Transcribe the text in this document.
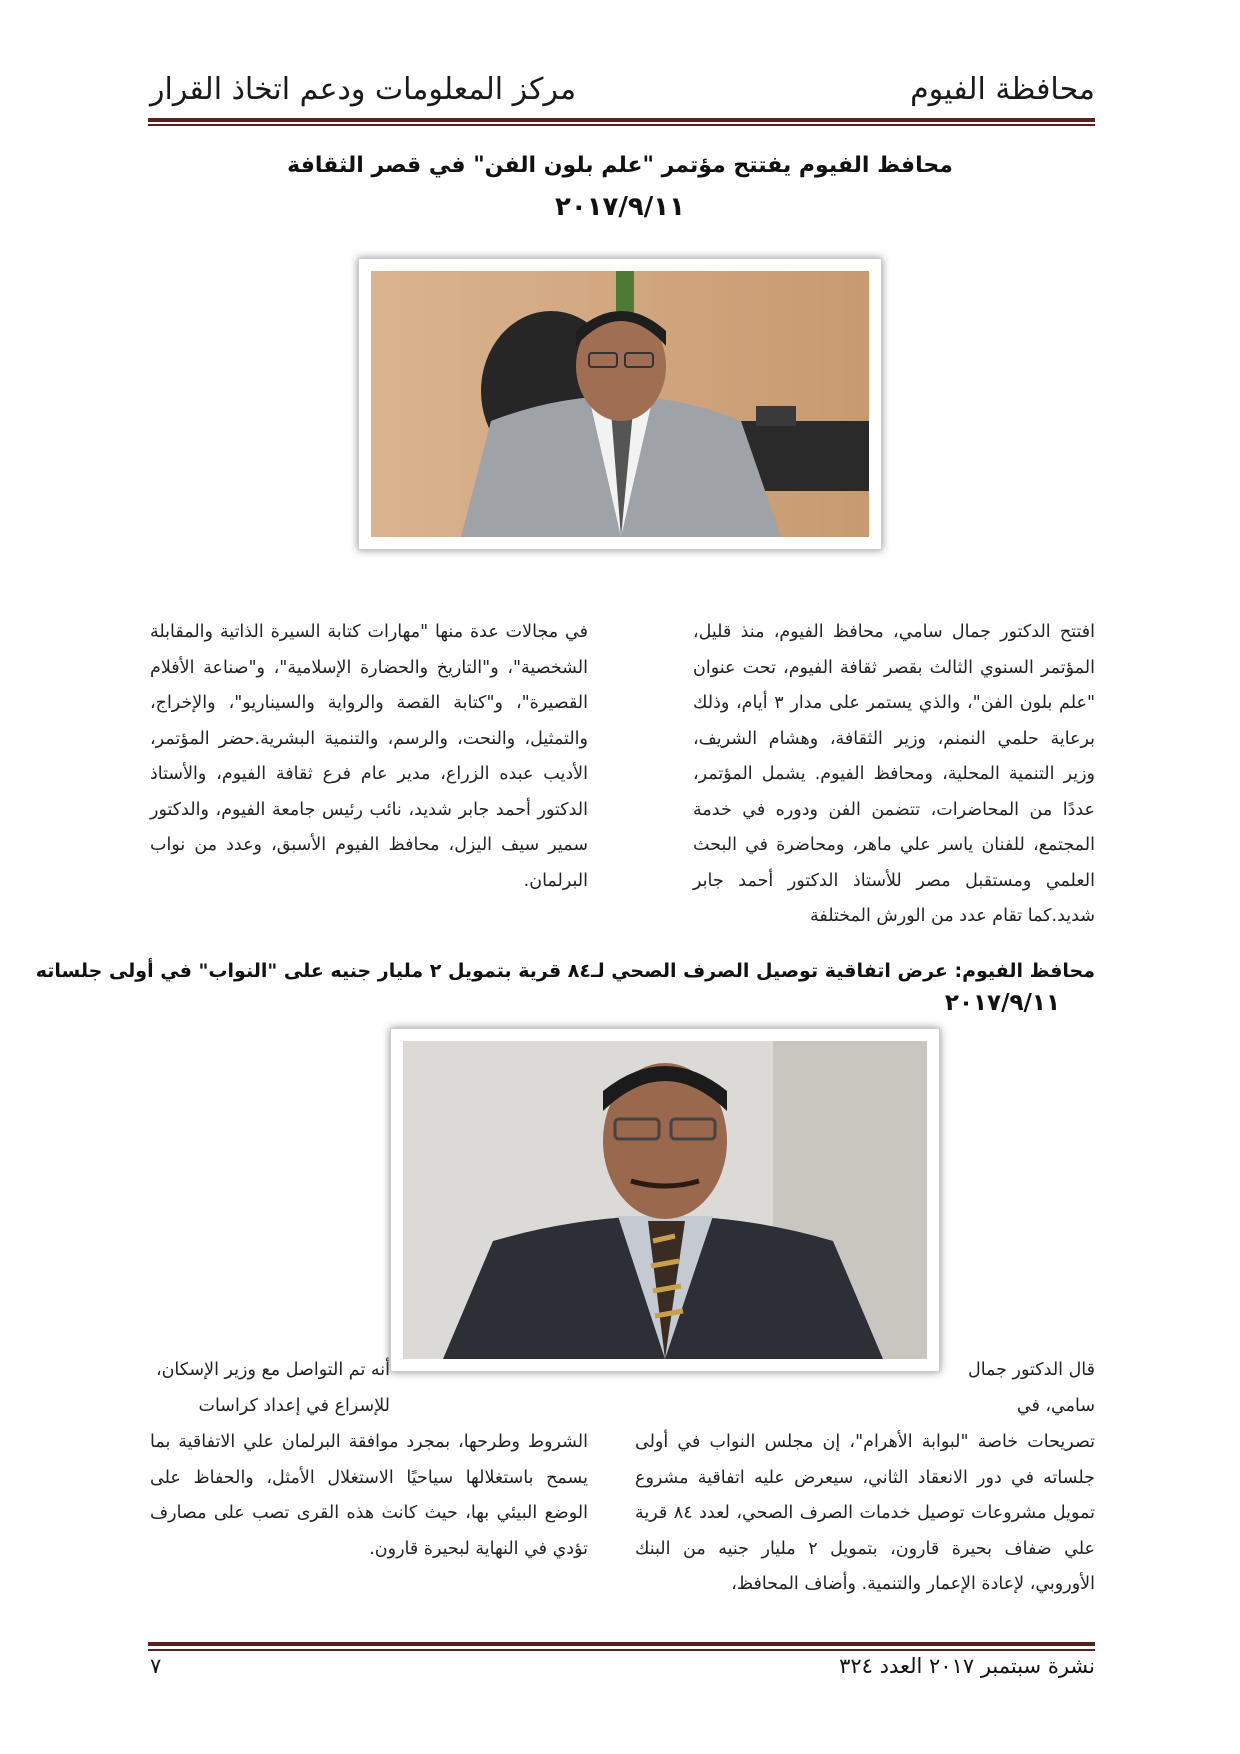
محافظة الفيوم
مركز المعلومات ودعم اتخاذ القرار
محافظ الفيوم يفتتح مؤتمر "علم بلون الفن" في قصر الثقافة
٢٠١٧/٩/١١
افتتح الدكتور جمال سامي، محافظ الفيوم، منذ قليل، المؤتمر السنوي الثالث بقصر ثقافة الفيوم، تحت عنوان "علم بلون الفن"، والذي يستمر على مدار ٣ أيام، وذلك برعاية حلمي النمنم، وزير الثقافة، وهشام الشريف، وزير التنمية المحلية، ومحافظ الفيوم. يشمل المؤتمر، عددًا من المحاضرات، تتضمن الفن ودوره في خدمة المجتمع، للفنان ياسر علي ماهر، ومحاضرة في البحث العلمي ومستقبل مصر للأستاذ الدكتور أحمد جابر شديد.كما تقام عدد من الورش المختلفة
في مجالات عدة منها "مهارات كتابة السيرة الذاتية والمقابلة الشخصية"، و"التاريخ والحضارة الإسلامية"، و"صناعة الأفلام القصيرة"، و"كتابة القصة والرواية والسيناريو"، والإخراج، والتمثيل، والنحت، والرسم، والتنمية البشرية.حضر المؤتمر، الأديب عبده الزراع، مدير عام فرع ثقافة الفيوم، والأستاذ الدكتور أحمد جابر شديد، نائب رئيس جامعة الفيوم، والدكتور سمير سيف اليزل، محافظ الفيوم الأسبق، وعدد من نواب البرلمان.
محافظ الفيوم: عرض اتفاقية توصيل الصرف الصحي لـ٨٤ قرية بتمويل ٢ مليار جنيه على "النواب" في أولى جلساته
٢٠١٧/٩/١١
قال الدكتور جمال سامي، في
تصريحات خاصة "لبوابة الأهرام"، إن مجلس النواب في أولى جلساته في دور الانعقاد الثاني، سيعرض عليه اتفاقية مشروع تمويل مشروعات توصيل خدمات الصرف الصحي، لعدد ٨٤ قرية علي ضفاف بحيرة قارون، بتمويل ٢ مليار جنيه من البنك الأوروبي، لإعادة الإعمار والتنمية. وأضاف المحافظ،
أنه تم التواصل مع وزير الإسكان، للإسراع في إعداد كراسات
الشروط وطرحها، بمجرد موافقة البرلمان علي الاتفاقية بما يسمح باستغلالها سياحيًا الاستغلال الأمثل، والحفاظ على الوضع البيئي بها، حيث كانت هذه القرى تصب على مصارف تؤدي في النهاية لبحيرة قارون.
نشرة سبتمبر ٢٠١٧ العدد ٣٢٤
٧
